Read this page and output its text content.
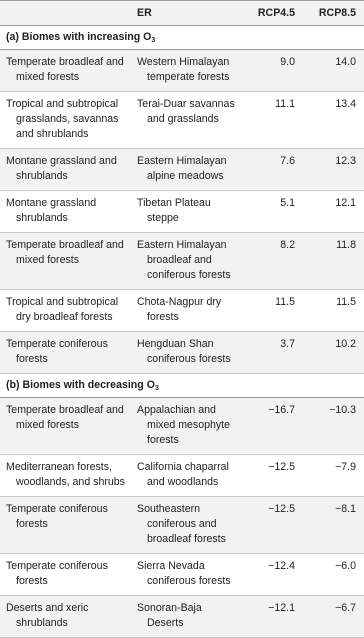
	ER	RCP4.5	RCP8.5
(a) Biomes with increasing $O_3$

Temperate broadleaf and mixed forests	Western Himalayan temperate forests	9.0	14.0

Tropical and subtropical grasslands, savannas and shrublands	Terai-Duar savannas and grasslands	11.1	13.4

Montane grassland and shrublands	Eastern Himalayan alpine meadows	7.6	12.3

Montane grassland shrublands	Tibetan Plateau steppe	5.1	12.1

Temperate broadleaf and mixed forests	Eastern Himalayan broadleaf and coniferous forests	8.2	11.8

Tropical and subtropical dry broadleaf forests	Chota-Nagpur dry forests	11.5	11.5

Temperate coniferous forests	Hengduan Shan coniferous forests	3.7	10.2
(b) Biomes with decreasing $O_3$

Temperate broadleaf and mixed forests	Appalachian and mixed mesophyte forests	−16.7	−10.3

Mediterranean forests, woodlands, and shrubs	California chaparral and woodlands	−12.5	−7.9

Temperate coniferous forests	Southeastern coniferous and broadleaf forests	−12.5	−8.1

Temperate coniferous forests	Sierra Nevada coniferous forests	−12.4	−6.0

Deserts and xeric shrublands	Sonoran-Baja Deserts	−12.1	−6.7
